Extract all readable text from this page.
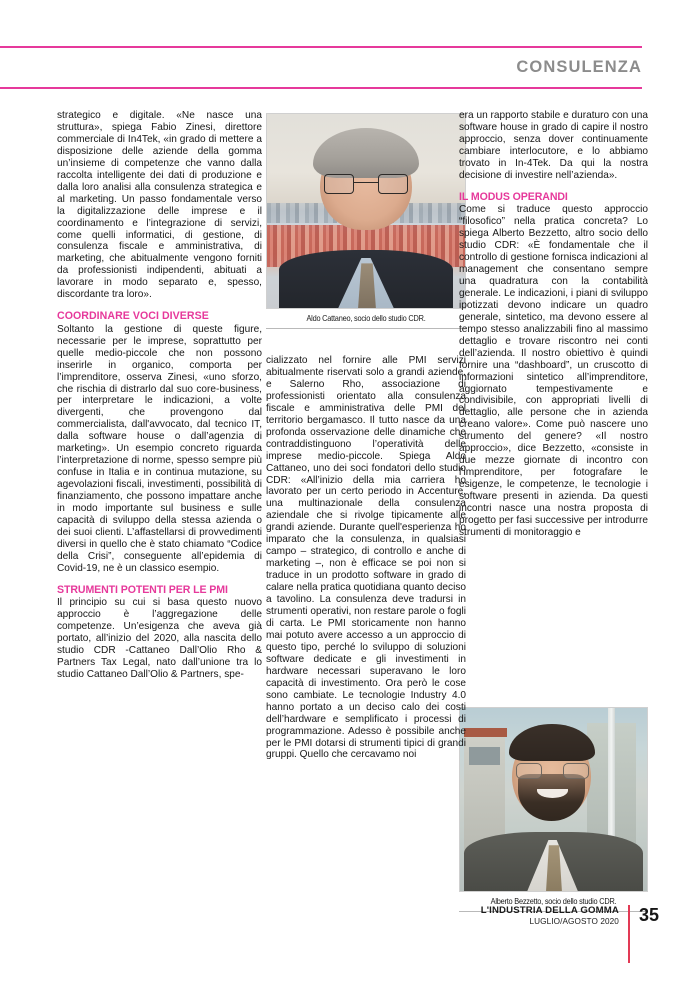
CONSULENZA
Aldo Cattaneo, socio dello studio CDR.
Alberto Bezzetto, socio dello studio CDR.

strategico e digitale. «Ne nasce una struttura», spiega Fabio Zinesi, direttore commerciale di In4Tek, «in grado di mettere a disposizione delle aziende della gomma un’insieme di competenze che vanno dalla raccolta intelligente dei dati di produzione e dalla loro analisi alla consulenza strategica e al marketing. Un passo fondamentale verso la digitalizzazione delle imprese e il coordinamento e l’integrazione di servizi, come quelli informatici, di gestione, di consulenza fiscale e amministrativa, di marketing, che abitualmente vengono forniti da professionisti indipendenti, abituati a lavorare in modo separato e, spesso, discordante tra loro».

COORDINARE VOCI DIVERSE

Soltanto la gestione di queste figure, necessarie per le imprese, soprattutto per quelle medio-piccole che non possono inserirle in organico, comporta per l’imprenditore, osserva Zinesi, «uno sforzo, che rischia di distrarlo dal suo core-business, per interpretare le indicazioni, a volte divergenti, che provengono dal commercialista, dall'avvocato, dal tecnico IT, dalla software house o dall’agenzia di marketing». Un esempio concreto riguarda l’interpretazione di norme, spesso sempre più confuse in Italia e in continua mutazione, su agevolazioni fiscali, investimenti, possibilità di finanziamento, che possono impattare anche in modo importante sul business e sulle capacità di sviluppo della stessa azienda o dei suoi clienti. L’affastellarsi di provvedimenti diversi in quello che è stato chiamato “Codice della Crisi”, conseguente all’epidemia di Covid-19, ne è un classico esempio.

STRUMENTI POTENTI PER LE PMI

Il principio su cui si basa questo nuovo approccio è l’aggregazione delle competenze. Un’esigenza che aveva già portato, all’inizio del 2020, alla nascita dello studio CDR -Cattaneo Dall’Olio Rho & Partners Tax Legal, nato dall’unione tra lo studio Cattaneo Dall’Olio & Partners, spe-

cializzato nel fornire alle PMI servizi abitualmente riservati solo a grandi aziende, e Salerno Rho, associazione di professionisti orientato alla consulenza fiscale e amministrativa delle PMI del territorio bergamasco. Il tutto nasce da una profonda osservazione delle dinamiche che contraddistinguono l’operatività delle imprese medio-piccole. Spiega Aldo Cattaneo, uno dei soci fondatori dello studio CDR: «All’inizio della mia carriera ho lavorato per un certo periodo in Accenture, una multinazionale della consulenza aziendale che si rivolge tipicamente alle grandi aziende. Durante quell'esperienza ho imparato che la consulenza, in qualsiasi campo – strategico, di controllo e anche di marketing –, non è efficace se poi non si traduce in un prodotto software in grado di calare nella pratica quotidiana quanto deciso a tavolino. La consulenza deve tradursi in strumenti operativi, non restare parole o fogli di carta. Le PMI storicamente non hanno mai potuto avere accesso a un approccio di questo tipo, perché lo sviluppo di soluzioni software dedicate e gli investimenti in hardware necessari superavano le loro capacità di investimento. Ora però le cose sono cambiate. Le tecnologie Industry 4.0 hanno portato a un deciso calo dei costi dell’hardware e semplificato i processi di programmazione. Adesso è possibile anche per le PMI dotarsi di strumenti tipici di grandi gruppi. Quello che cercavamo noi

era un rapporto stabile e duraturo con una software house in grado di capire il nostro approccio, senza dover continuamente cambiare interlocutore, e lo abbiamo trovato in In-4Tek. Da qui la nostra decisione di investire nell’azienda».

IL MODUS OPERANDI

Come si traduce questo approccio “filosofico” nella pratica concreta? Lo spiega Alberto Bezzetto, altro socio dello studio CDR: «È fondamentale che il controllo di gestione fornisca indicazioni al management che consentano sempre una quadratura con la contabilità generale. Le indicazioni, i piani di sviluppo ipotizzati devono indicare un quadro generale, sintetico, ma devono essere al tempo stesso analizzabili fino al massimo dettaglio e trovare riscontro nei conti dell’azienda. Il nostro obiettivo è quindi fornire una “dashboard”, un cruscotto di informazioni sintetico all’imprenditore, aggiornato tempestivamente e condivisibile, con appropriati livelli di dettaglio, alle persone che in azienda creano valore». Come può nascere uno strumento del genere? «Il nostro approccio», dice Bezzetto, «consiste in due mezze giornate di incontro con l’imprenditore, per fotografare le esigenze, le competenze, le tecnologie i software presenti in azienda. Da questi incontri nasce una nostra proposta di progetto per fasi successive per introdurre strumenti di monitoraggio e

L'INDUSTRIA DELLA GOMMA
LUGLIO/AGOSTO 2020 35
